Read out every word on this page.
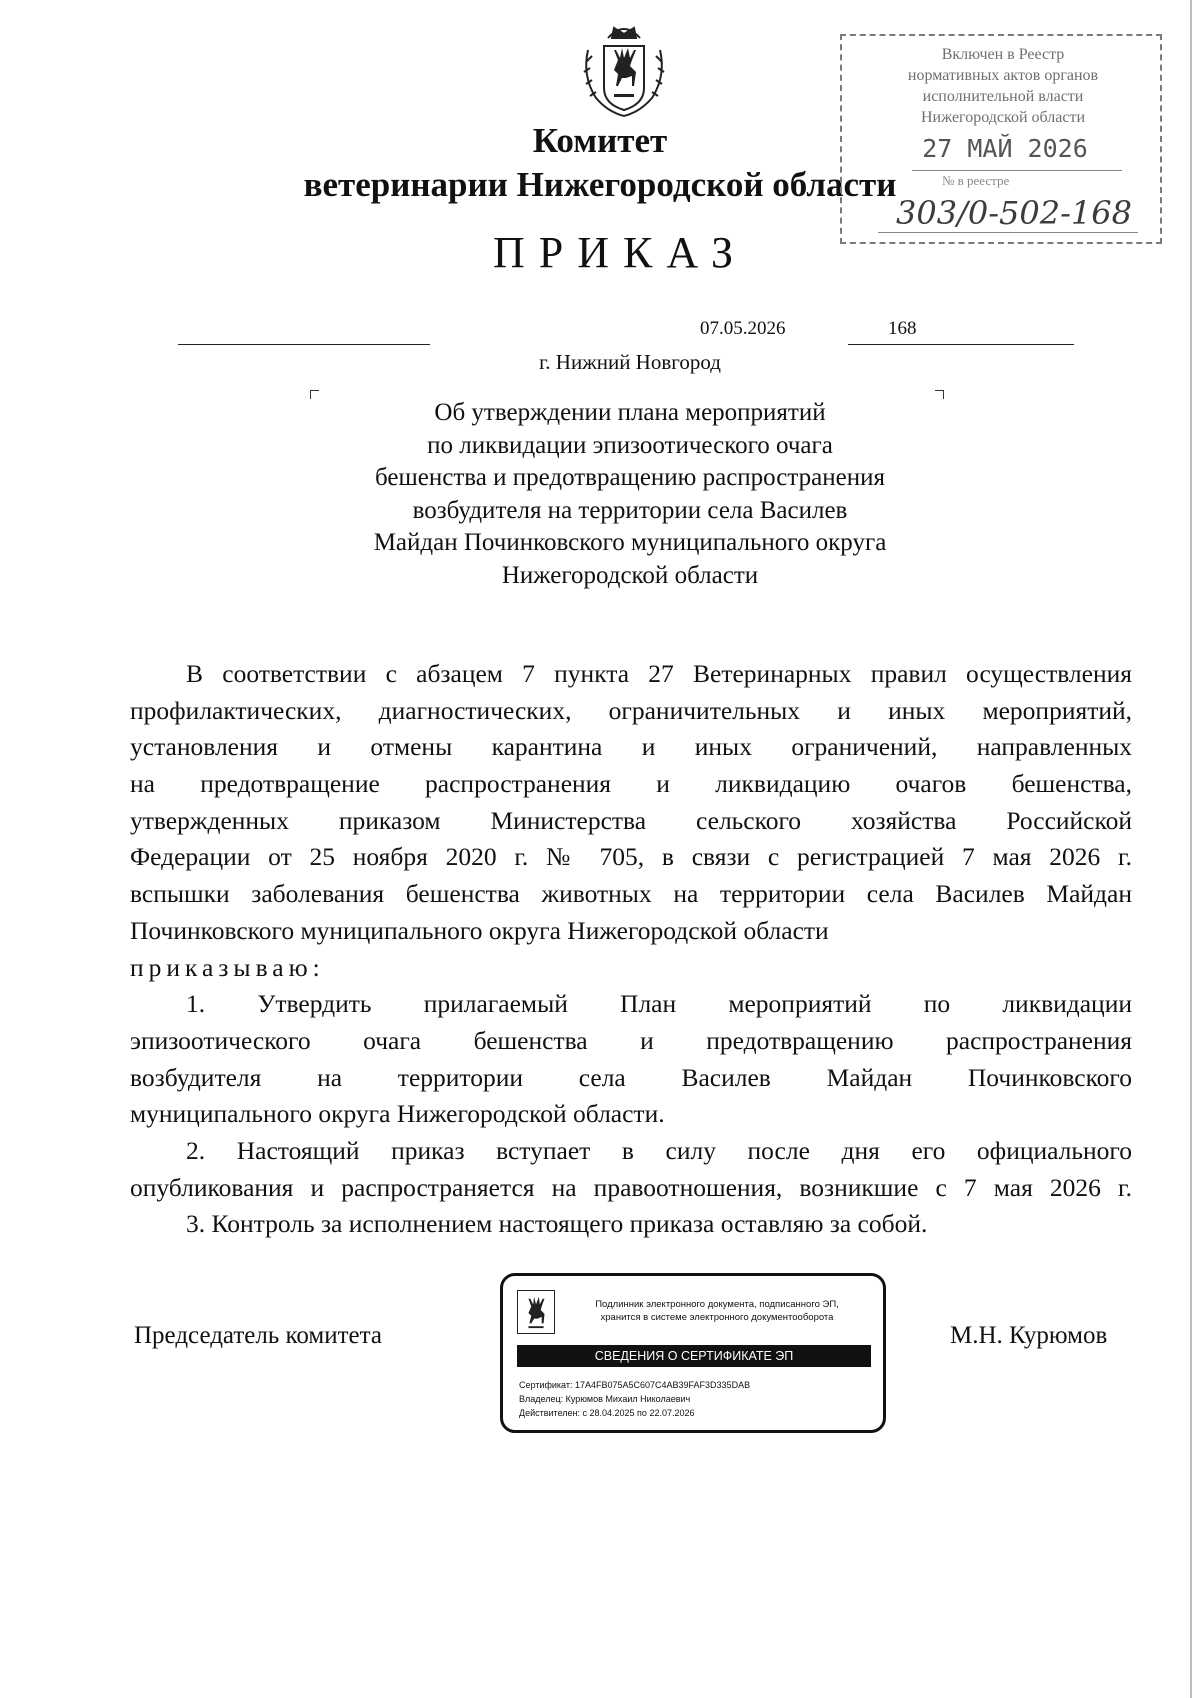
Комитет
ветеринарии Нижегородской области
ПРИКАЗ
Включен в Реестр
нормативных актов органов
исполнительной власти
Нижегородской области
27 МАЙ 2026
№ в реестре
303/0-502-168
07.05.2026	168
г. Нижний Новгород
Об утверждении плана мероприятий
по ликвидации эпизоотического очага
бешенства и предотвращению распространения
возбудителя на территории села Василев
Майдан Починковского муниципального округа
Нижегородской области
В соответствии с абзацем 7 пункта 27 Ветеринарных правил осуществления
профилактических, диагностических, ограничительных и иных мероприятий,
установления и отмены карантина и иных ограничений, направленных
на предотвращение распространения и ликвидацию очагов бешенства,
утвержденных приказом Министерства сельского хозяйства Российской
Федерации от 25 ноября 2020 г. № 705, в связи с регистрацией 7 мая 2026 г.
вспышки заболевания бешенства животных на территории села Василев Майдан
Починковского муниципального округа Нижегородской области
приказываю:
1. Утвердить прилагаемый План мероприятий по ликвидации
эпизоотического очага бешенства и предотвращению распространения
возбудителя на территории села Василев Майдан Починковского
муниципального округа Нижегородской области.
2. Настоящий приказ вступает в силу после дня его официального
опубликования и распространяется на правоотношения, возникшие с 7 мая 2026 г.
3. Контроль за исполнением настоящего приказа оставляю за собой.
Председатель комитета	М.Н. Курюмов
Подлинник электронного документа, подписанного ЭП,
хранится в системе электронного документооборота
СВЕДЕНИЯ О СЕРТИФИКАТЕ ЭП
Сертификат: 17A4FB075A5C607C4AB39FAF3D335DAB
Владелец: Курюмов Михаил Николаевич
Действителен: с 28.04.2025 по 22.07.2026
